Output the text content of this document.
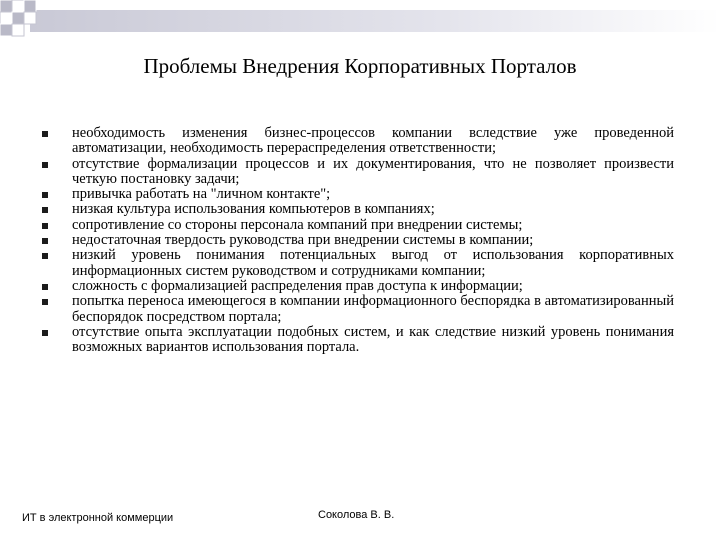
Проблемы Внедрения Корпоративных Порталов
необходимость изменения бизнес-процессов компании вследствие уже проведенной автоматизации, необходимость перераспределения ответственности;
отсутствие формализации процессов и их документирования, что не позволяет произвести четкую постановку задачи;
привычка работать на "личном контакте";
низкая культура использования компьютеров в компаниях;
сопротивление со стороны персонала компаний при внедрении системы;
недостаточная твердость руководства при внедрении системы в компании;
низкий уровень понимания потенциальных выгод от использования корпоративных информационных систем руководством и сотрудниками компании;
сложность с формализацией распределения прав доступа к информации;
попытка переноса имеющегося в компании информационного беспорядка в автоматизированный беспорядок посредством портала;
отсутствие опыта эксплуатации подобных систем, и как следствие низкий уровень понимания возможных вариантов использования портала.
ИТ в электронной коммерции	Соколова В. В.
